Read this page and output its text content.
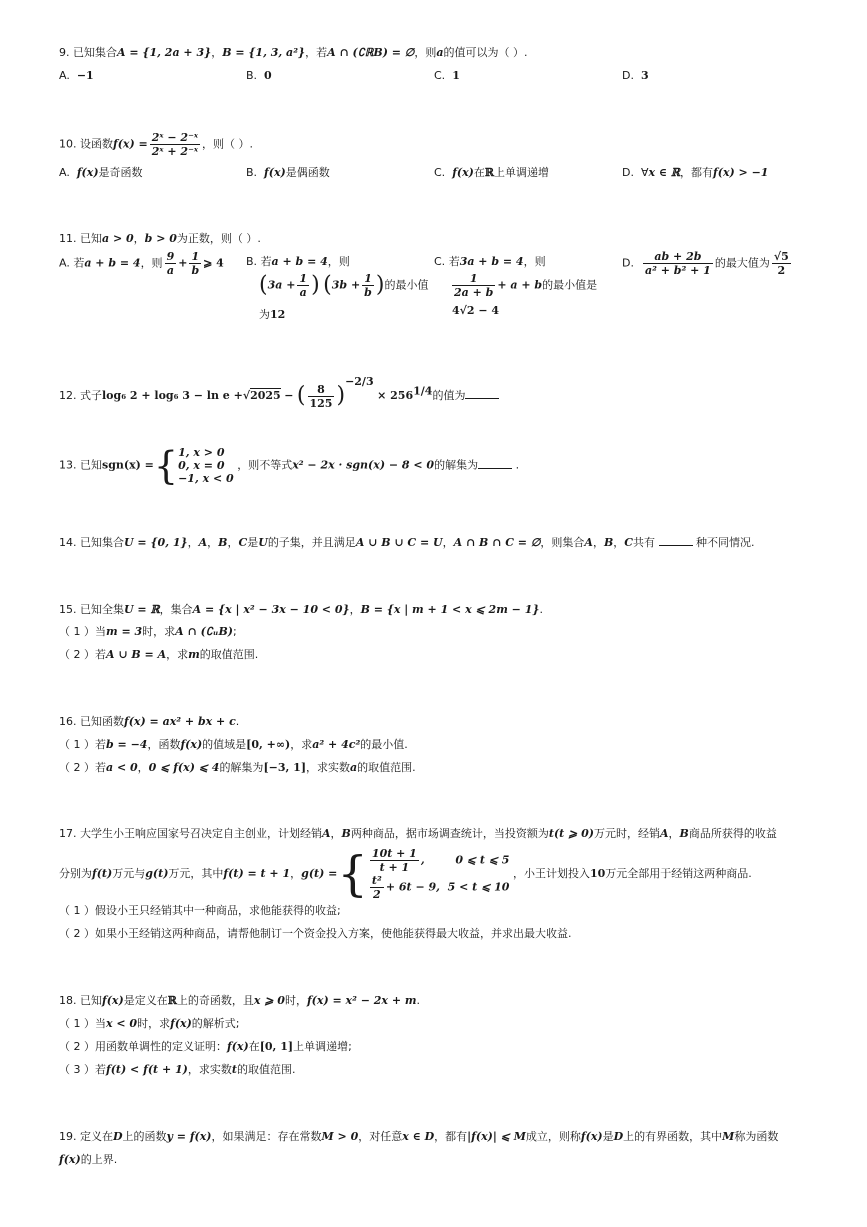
9. 已知集合A = {1, 2a + 3}，B = {1, 3, a²}，若A ∩ (∁ℝB) = ∅，则a的值可以为（ ）.
A. −1	B. 0	C. 1	D. 3
10. 设函数$f(x) = \frac{\text{2ˣ − 2⁻ˣ}}{\text{2ˣ + 2⁻ˣ}}$ ，则（ ）.
A. f(x)是奇函数	B. f(x)是偶函数	C. f(x)在ℝ上单调递增	D. ∀x ∈ ℝ，都有f(x) > −1
11. 已知a > 0，b > 0为正数，则（ ）.
A. 若a + b = 4，则 $\frac{9}{a} + \frac{1}{b}$ ⩾ 4 B. 若a + b = 4，则
($3a + \frac{1}{a}$ ) ($3b + \frac{1}{b}$ )的最小值
为12
C. 若3a + b = 4，则
$\frac{1}{2a + b} + a + b$的最小值是
4√2 − 4
D. $\frac{ab + 2b}{\text{a² + b² + 1}}$ 的最大值为 $\frac{√5}{2}$
12. 式子log₆ 2 + log₆ 3 − ln e +√2025 − ( $\frac{8}{125} )^{-2/3} \times 256^{1/4}$的值为
13. 已知sgn(x) ={1, x > 0
0, x = 0
−1, x < 0 ，则不等式x² − 2x · sgn(x) − 8 < 0的解集为	.
14. 已知集合U = {0, 1}，A，B，C是U的子集，并且满足A ∪ B ∪ C = U，A ∩ B ∩ C = ∅，则集合A，B，C共有	种不同情况.
15. 已知全集U = ℝ，集合A = {x | x² − 3x − 10 < 0}，B = {x | m + 1 < x ⩽ 2m − 1}.
（ 1 ）当m = 3时，求A ∩ (∁ᵤB);
（ 2 ）若A ∪ B = A，求m的取值范围.
16. 已知函数f(x) = ax² + bx + c.
（ 1 ）若b = −4，函数f(x)的值域是[0, +∞)，求a² + 4c²的最小值.
（ 2 ）若a < 0，0 ⩽ f(x) ⩽ 4的解集为[−3, 1]，求实数a的取值范围.
17. 大学生小王响应国家号召决定自主创业，计划经销A，B两种商品，据市场调查统计，当投资额为t(t ⩾ 0)万元时，经销A，B商品所获得的收益
分别为f(t)万元与g(t)万元，其中f(t) = t + 1，g(t) ={ $\frac{10t + 1}{t + 1}$ ,        0 ⩽ t ⩽ 5

$\frac{\text{t²}}{2} + 6t - 9$, 5 < t ⩽ 10 ，小王计划投入10万元全部用于经销这两种商品.
（ 1 ）假设小王只经销其中一种商品，求他能获得的收益;
（ 2 ）如果小王经销这两种商品，请帮他制订一个资金投入方案，使他能获得最大收益，并求出最大收益.
18. 已知f(x)是定义在ℝ上的奇函数，且x ⩾ 0时，f(x) = x² − 2x + m.
（ 1 ）当x < 0时，求f(x)的解析式;
（ 2 ）用函数单调性的定义证明：f(x)在[0, 1]上单调递增;
（ 3 ）若f(t) < f(t + 1)，求实数t的取值范围.
19. 定义在D上的函数y = f(x)，如果满足：存在常数M > 0，对任意x ∈ D，都有|f(x)| ⩽ M成立，则称f(x)是D上的有界函数，其中M称为函数
f(x)的上界.
